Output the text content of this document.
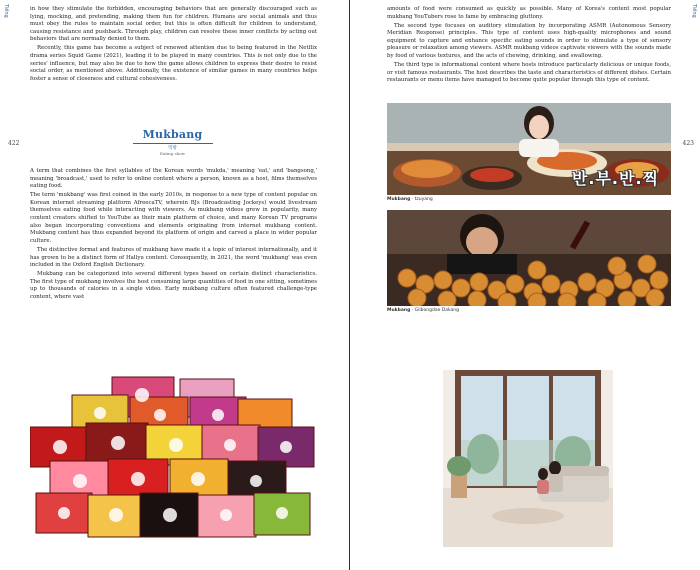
Tiếng
422

in how they stimulate the forbidden, encouraging behaviors that are generally discouraged such as lying, mocking, and pretending, making them fun for children. Humans are social animals and thus must obey the rules to maintain social order, but this is often difficult for children to understand, causing resistance and pushback. Through play, children can resolve these inner conflicts by acting out behaviors that are normally denied to them.

Recently, this game has become a subject of renewed attention due to being featured in the Netflix drama series Squid Game (2021), leading it to be played in many countries. This is not only due to the series' influence, but may also be due to how the game allows children to express their desire to resist social order, as mentioned above. Additionally, the existence of similar games in many countries helps foster a sense of closeness and cultural cohesiveness.

Mukbang
먹방
Eating show

A term that combines the first syllables of the Korean words 'mukda,' meaning 'eat,' and 'bangsong,' meaning 'broadcast,' used to refer to online content where a person, known as a host, films themselves eating food.

The term 'mukbang' was first coined in the early 2010s, in response to a new type of content popular on Korean internet streaming platform AfreecaTV, wherein BJs (Broadcasting Jockeys) would livestream themselves eating food while interacting with viewers. As mukbang videos grew in popularity, many content creators shifted to YouTube as their main platform of choice, and many Korean TV programs also began incorporating conventions and elements originating from internet mukbang content. Mukbang content has thus expanded beyond its platform of origin and carved a place in wider popular culture.

The distinctive format and features of mukbang have made it a topic of interest internationally, and it has grown to be a distinct form of Hallyu content. Consequently, in 2021, the word 'mukbang' was even included in the Oxford English Dictionary.

Mukbang can be categorized into several different types based on certain distinct characteristics. The first type of mukbang involves the host consuming large quantities of food in one sitting, sometimes up to thousands of calories in a single video. Early mukbang culture often featured challenge-type content, where vast

Tiếng
423

amounts of food were consumed as quickly as possible. Many of Korea's content most popular mukbang YouTubers rose to fame by embracing gluttony.

The second type focuses on auditory stimulation by incorporating ASMR (Autonomous Sensory Meridian Response) principles. This type of content uses high-quality microphones and sound equipment to capture and enhance specific eating sounds in order to stimulate a type of sensory pleasure or relaxation among viewers. ASMR mukbang videos captivate viewers with the sounds made by food of various textures, and the acts of chewing, drinking, and swallowing.

The third type is informational content where hosts introduce particularly delicious or unique foods, or visit famous restaurants. The host describes the taste and characteristics of different dishes. Certain restaurants or menu items have managed to become quite popular through this type of content.

반.부.반.찍
Mukbang · tzuyang
Mukbang · Gilbongdae Dakang
